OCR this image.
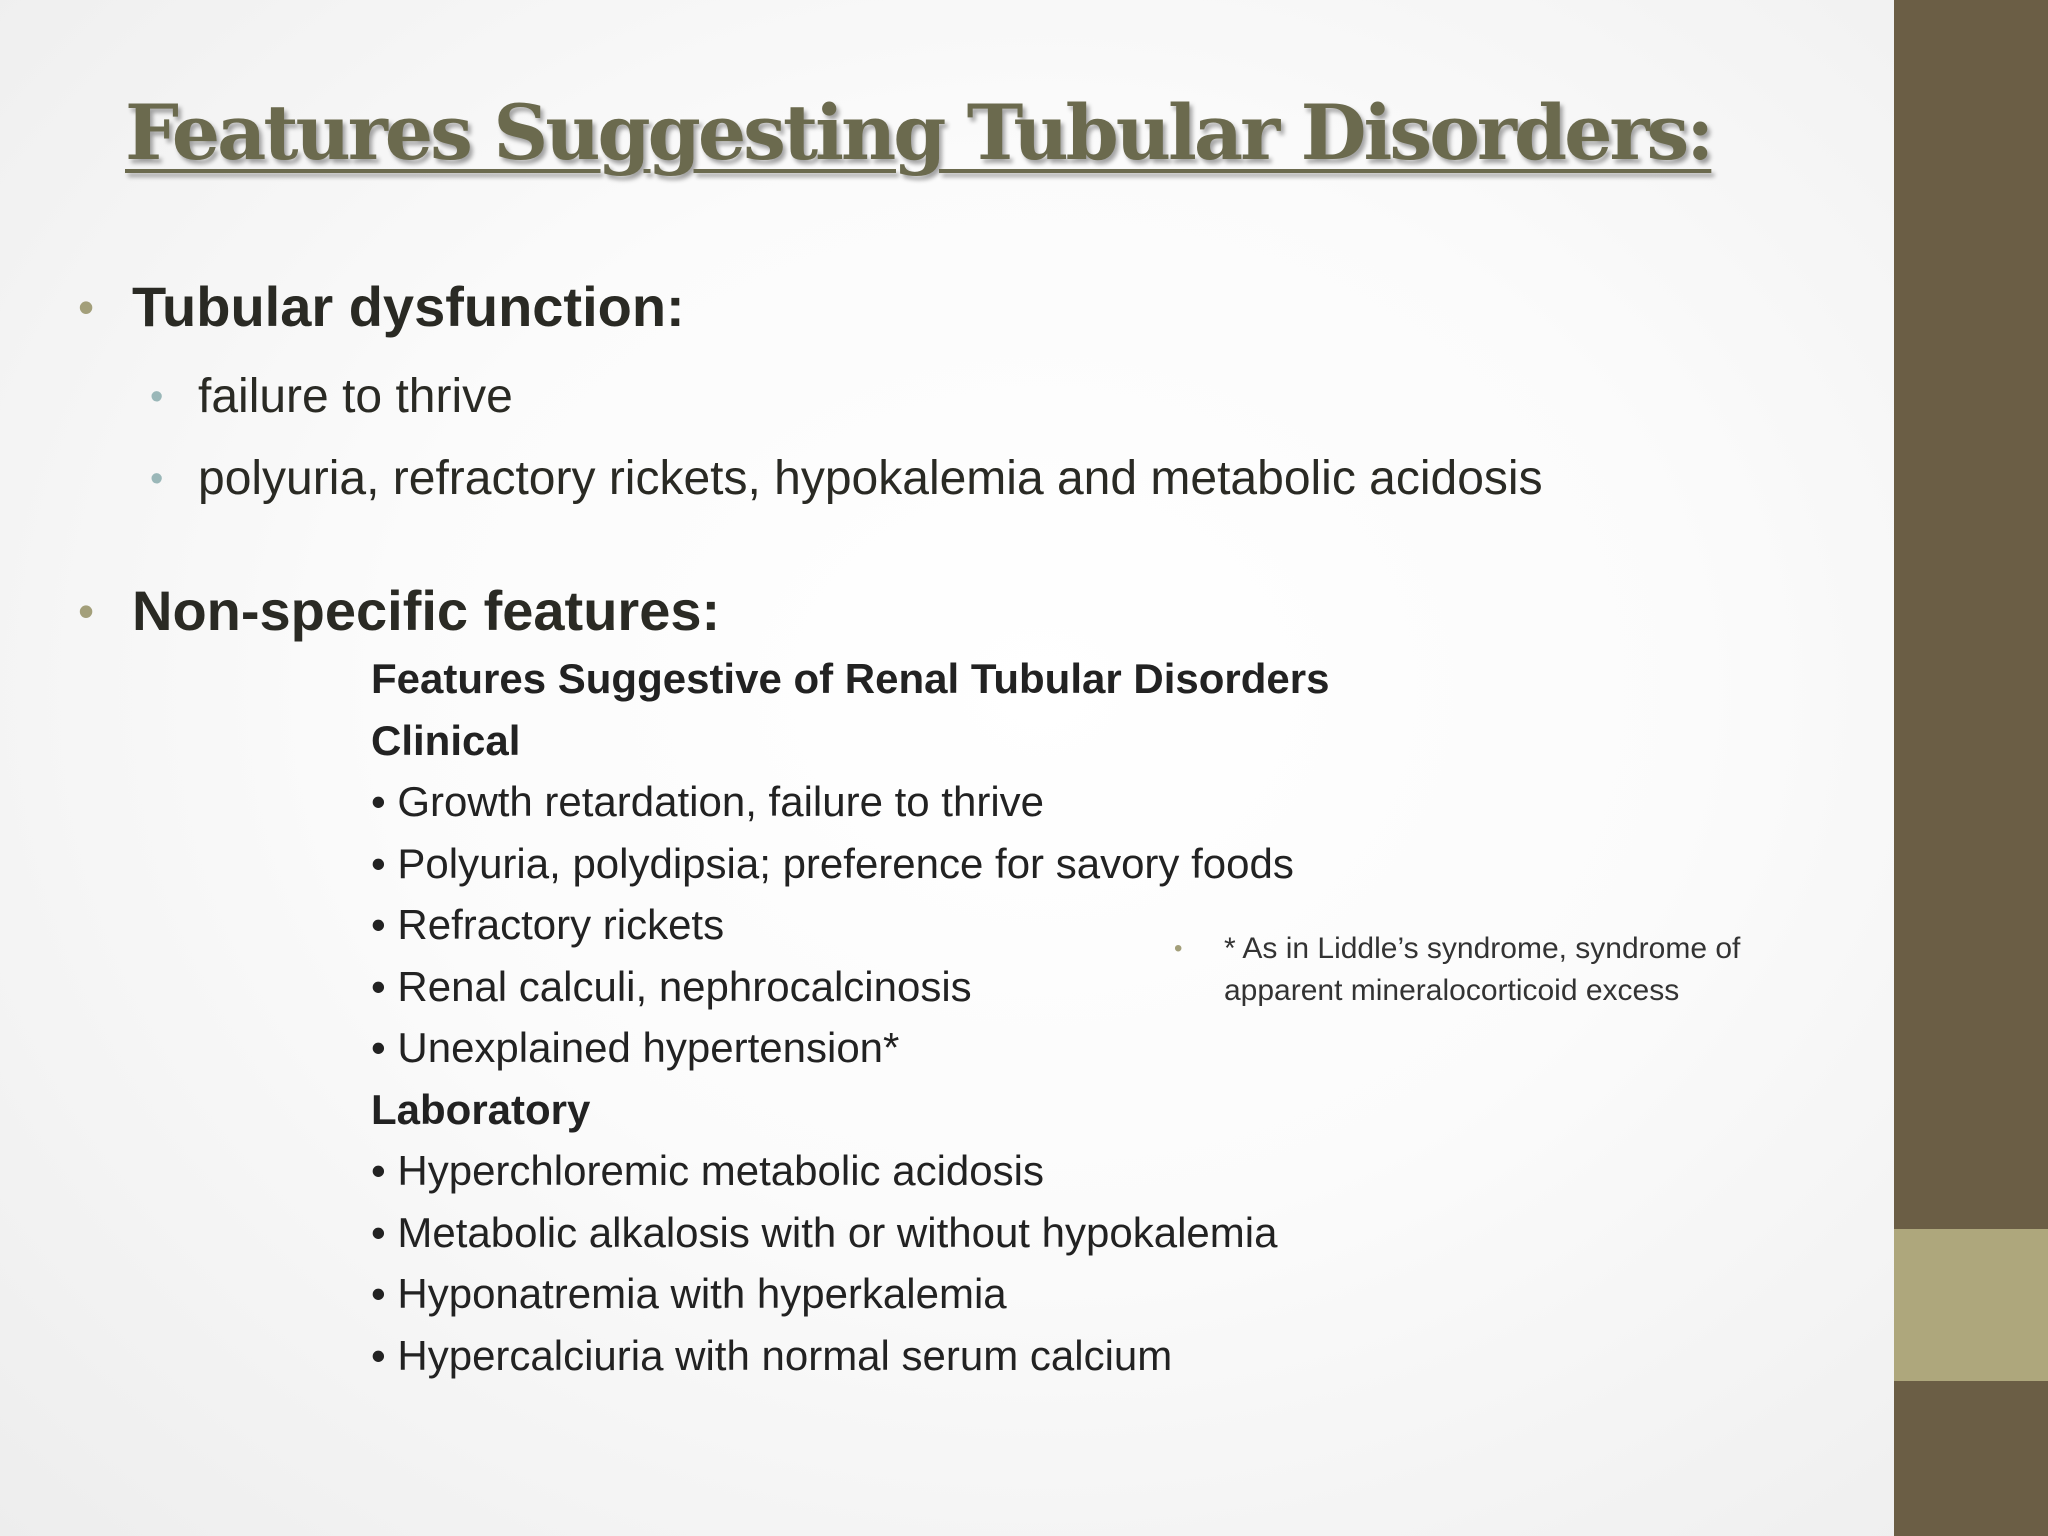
Features Suggesting Tubular Disorders:
• Tubular dysfunction:
• failure to thrive
• polyuria, refractory rickets, hypokalemia and metabolic acidosis
• Non-specific features:
Features Suggestive of Renal Tubular Disorders
Clinical
• Growth retardation, failure to thrive
• Polyuria, polydipsia; preference for savory foods
• Refractory rickets
• Renal calculi, nephrocalcinosis
• Unexplained hypertension*
Laboratory
• Hyperchloremic metabolic acidosis
• Metabolic alkalosis with or without hypokalemia
• Hyponatremia with hyperkalemia
• Hypercalciuria with normal serum calcium
• * As in Liddle’s syndrome, syndrome of
apparent mineralocorticoid excess
